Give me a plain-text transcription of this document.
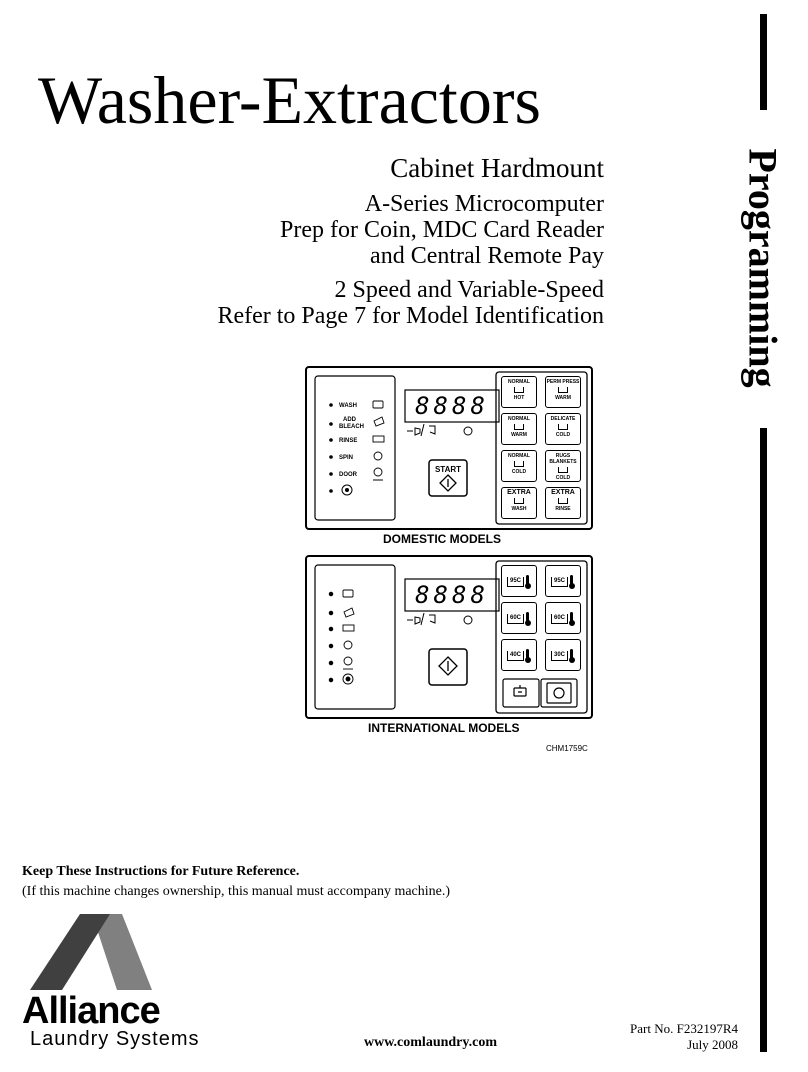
Washer-Extractors
Cabinet Hardmount
A-Series Microcomputer
Prep for Coin, MDC Card Reader
and Central Remote Pay
2 Speed and Variable-Speed
Refer to Page 7 for Model Identification	Programming
WASH
ADD
BLEACH
RINSE
SPIN
DOOR
8888
START
NORMAL
HOT
PERM PRESS
WARM
NORMAL
WARM
DELICATE
COLD
NORMAL
COLD
RUGS BLANKETS
COLD
EXTRA
WASH
EXTRA
RINSE
DOMESTIC MODELS
8888	95C	95C
60C	60C
40C	30C
INTERNATIONAL MODELS
CHM1759C
Keep These Instructions for Future Reference.
(If this machine changes ownership, this manual must accompany machine.)
Alliance
Laundry Systems	www.comlaundry.com
Part No. F232197R4
July 2008
